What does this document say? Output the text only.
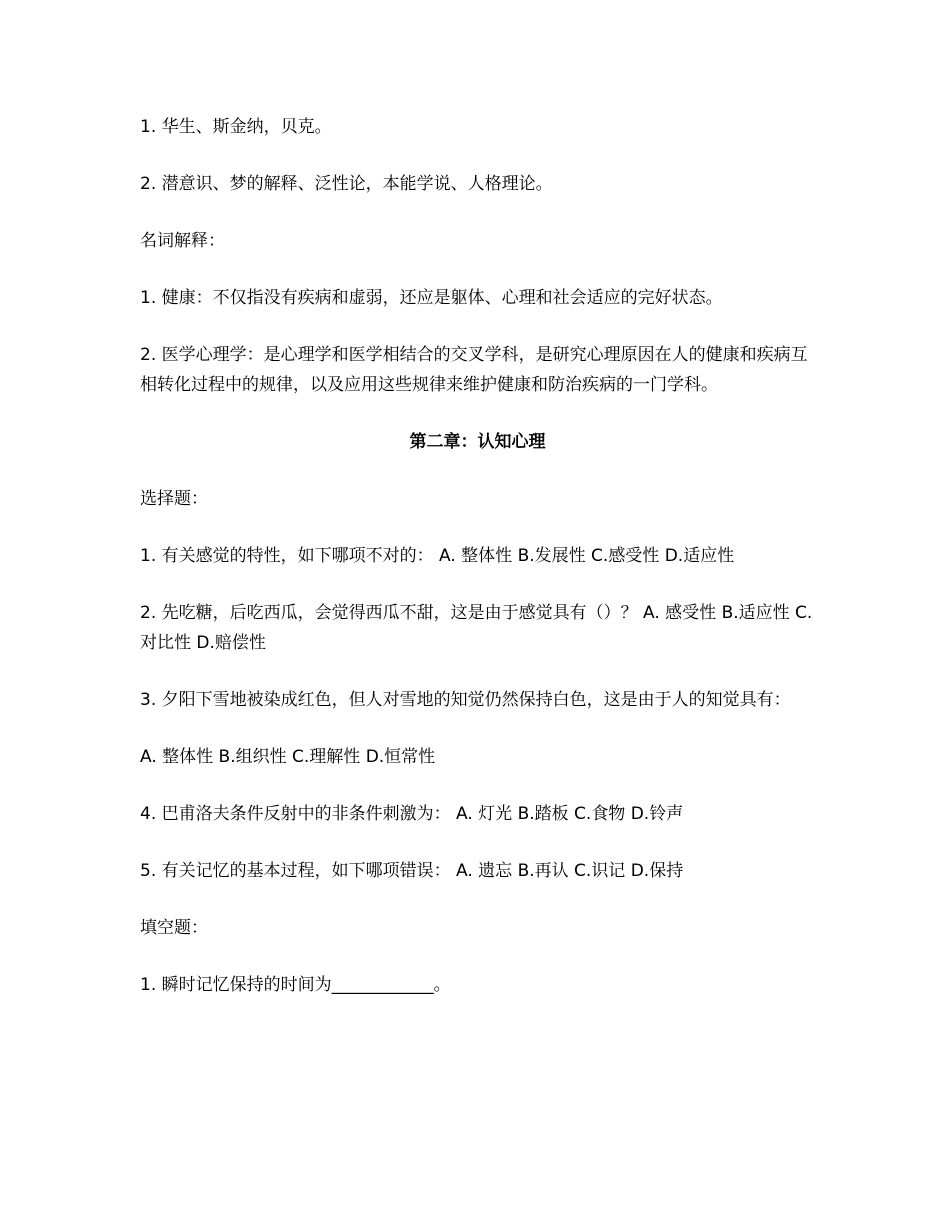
1. 华生、斯金纳，贝克。

2. 潜意识、梦的解释、泛性论，本能学说、人格理论。

名词解释：

1. 健康：不仅指没有疾病和虚弱，还应是躯体、心理和社会适应的完好状态。

2. 医学心理学：是心理学和医学相结合的交叉学科，是研究心理原因在人的健康和疾病互相转化过程中的规律，以及应用这些规律来维护健康和防治疾病的一门学科。

第二章：认知心理

选择题：

1. 有关感觉的特性，如下哪项不对的： A. 整体性 B.发展性 C.感受性 D.适应性

2. 先吃糖，后吃西瓜，会觉得西瓜不甜，这是由于感觉具有（）？ A. 感受性 B.适应性 C.对比性 D.赔偿性

3. 夕阳下雪地被染成红色，但人对雪地的知觉仍然保持白色，这是由于人的知觉具有：

A. 整体性 B.组织性 C.理解性 D.恒常性

4. 巴甫洛夫条件反射中的非条件刺激为： A. 灯光 B.踏板 C.食物 D.铃声

5. 有关记忆的基本过程，如下哪项错误： A. 遗忘 B.再认 C.识记 D.保持

填空题：

1. 瞬时记忆保持的时间为____________。
